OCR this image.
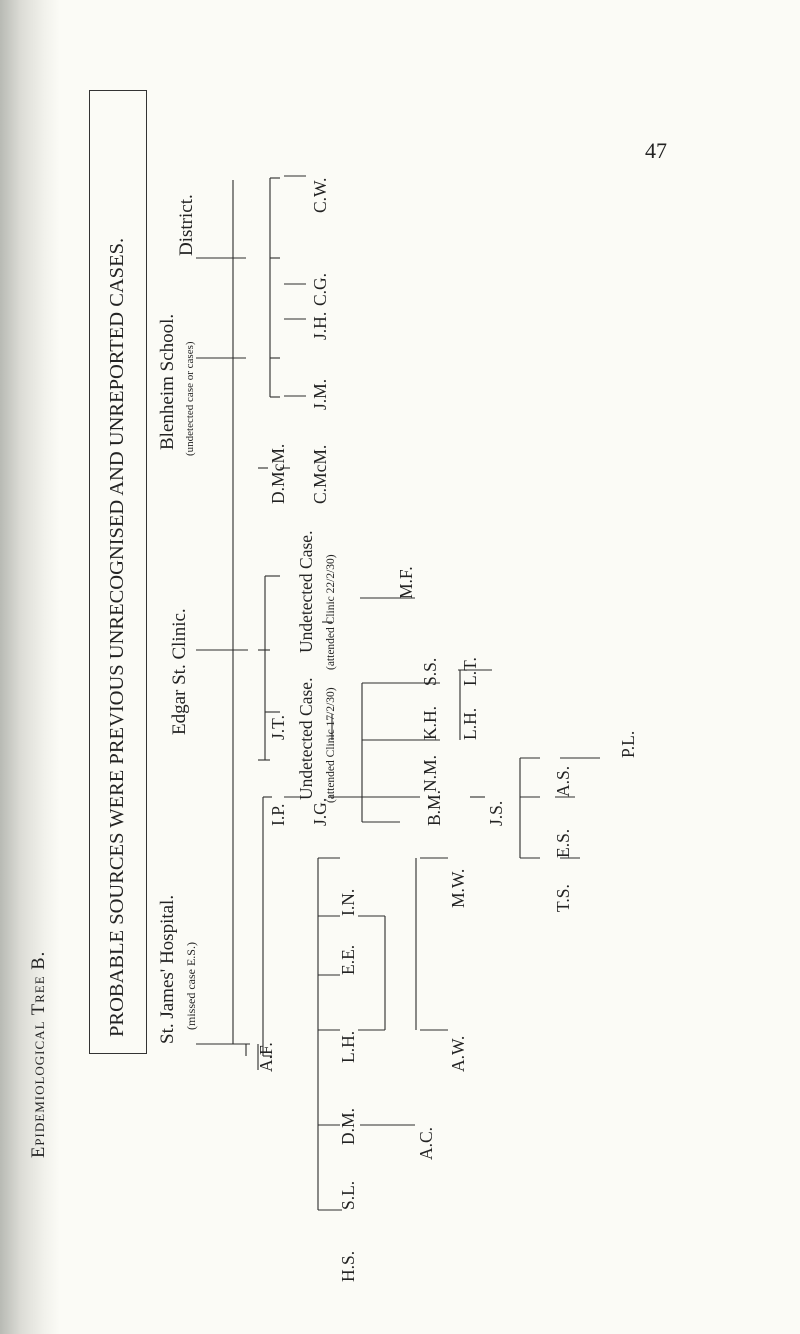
Epidemiological Tree B.
47
PROBABLE SOURCES WERE PREVIOUS UNRECOGNISED AND UNREPORTED CASES. St. James' Hospital. (missed case E.S.)
Edgar St. Clinic.
Blenheim School. (undetected case or cases)
District.	C.W.
C.G.
J.H.
J.M.
D.McM. C.McM.
Undetected Case. (attended Clinic 22/2/30)	M.F.
J.T. Undetected Case. (attended Clinic 17/2/30)	N.M.
K.H.
S.S.
L.H.
L.T.
A.F.
I.P. J.G.	B.M. J.S.
I.N.
E.E.
L.H.
D.M.
S.L.
H.S.
M.W.
A.W.
A.C.
A.S.
E.S.
T.S.
P.L.
